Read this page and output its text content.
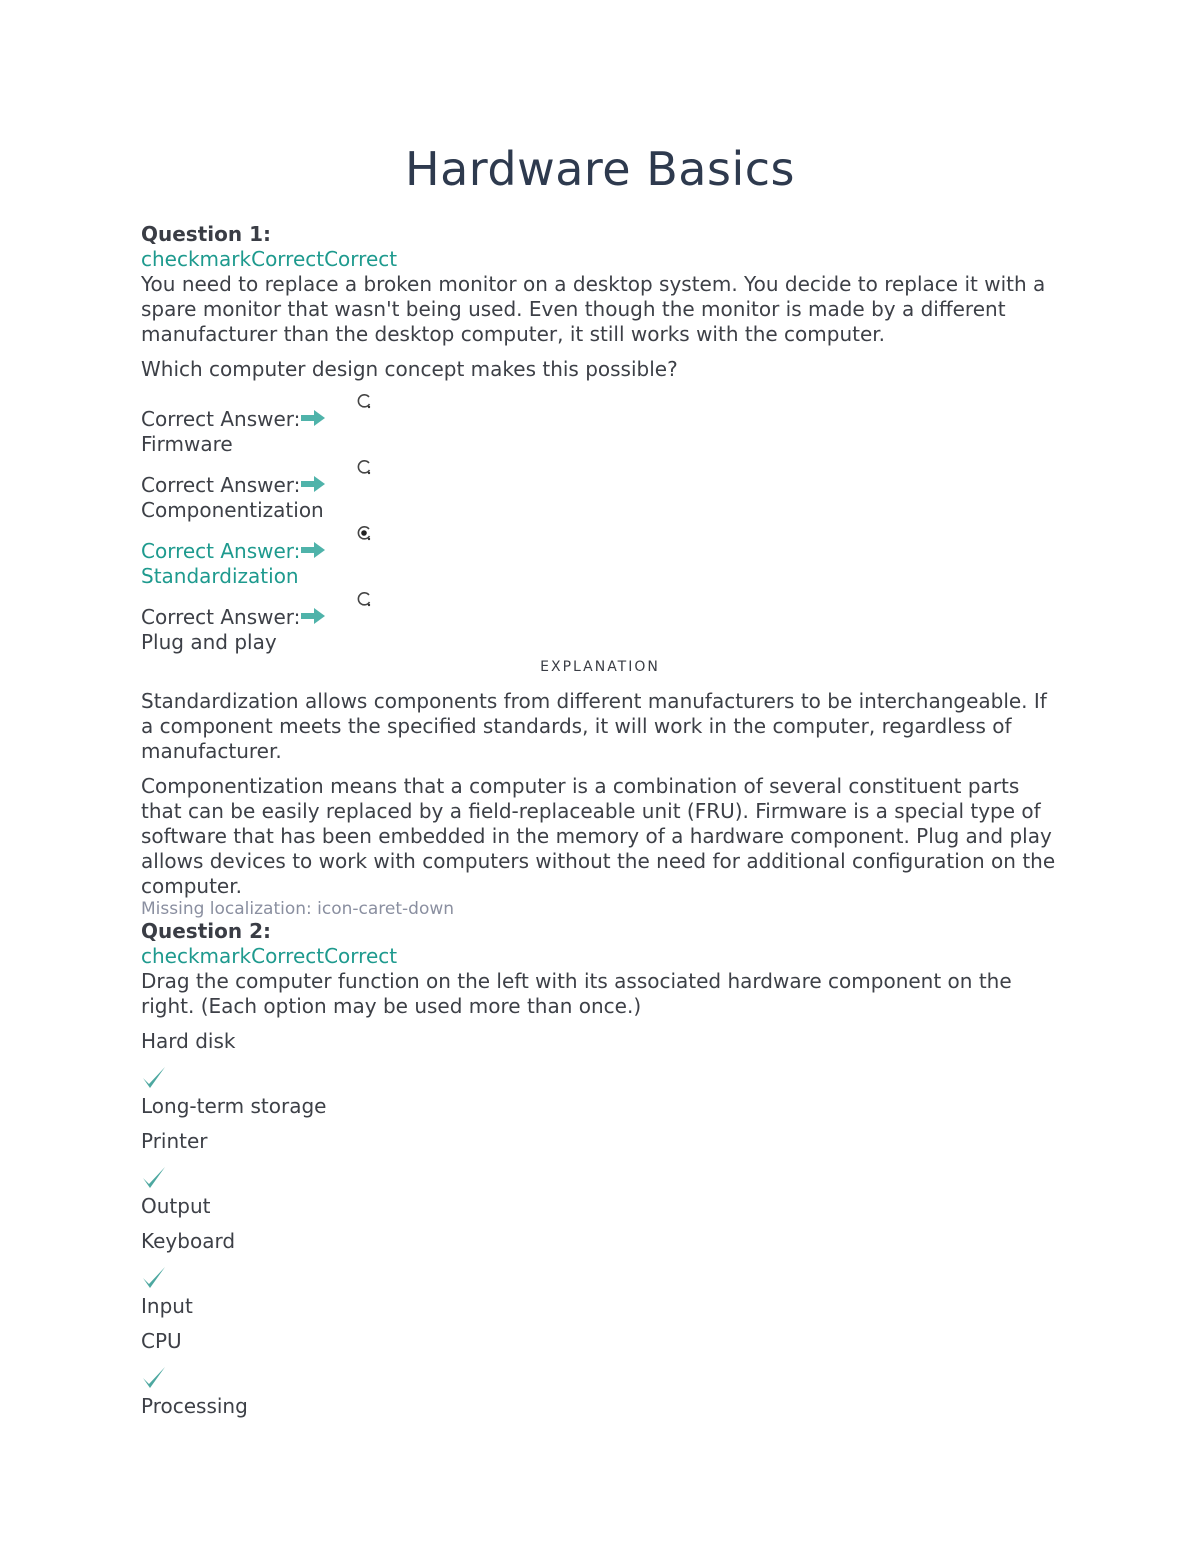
Hardware Basics
Question 1:
checkmarkCorrectCorrect

You need to replace a broken monitor on a desktop system. You decide to replace it with a spare monitor that wasn't being used. Even though the monitor is made by a different manufacturer than the desktop computer, it still works with the computer.

Which computer design concept makes this possible?

Correct Answer:
Firmware
Correct Answer:
Componentization
Correct Answer:
Standardization
Correct Answer:
Plug and play
EXPLANATION

Standardization allows components from different manufacturers to be interchangeable. If a component meets the specified standards, it will work in the computer, regardless of manufacturer.

Componentization means that a computer is a combination of several constituent parts that can be easily replaced by a field-replaceable unit (FRU). Firmware is a special type of software that has been embedded in the memory of a hardware component. Plug and play allows devices to work with computers without the need for additional configuration on the computer.

Missing localization: icon-caret-down
Question 2:
checkmarkCorrectCorrect

Drag the computer function on the left with its associated hardware component on the right. (Each option may be used more than once.)

Hard disk
Long-term storage
Printer
Output
Keyboard
Input
CPU
Processing
